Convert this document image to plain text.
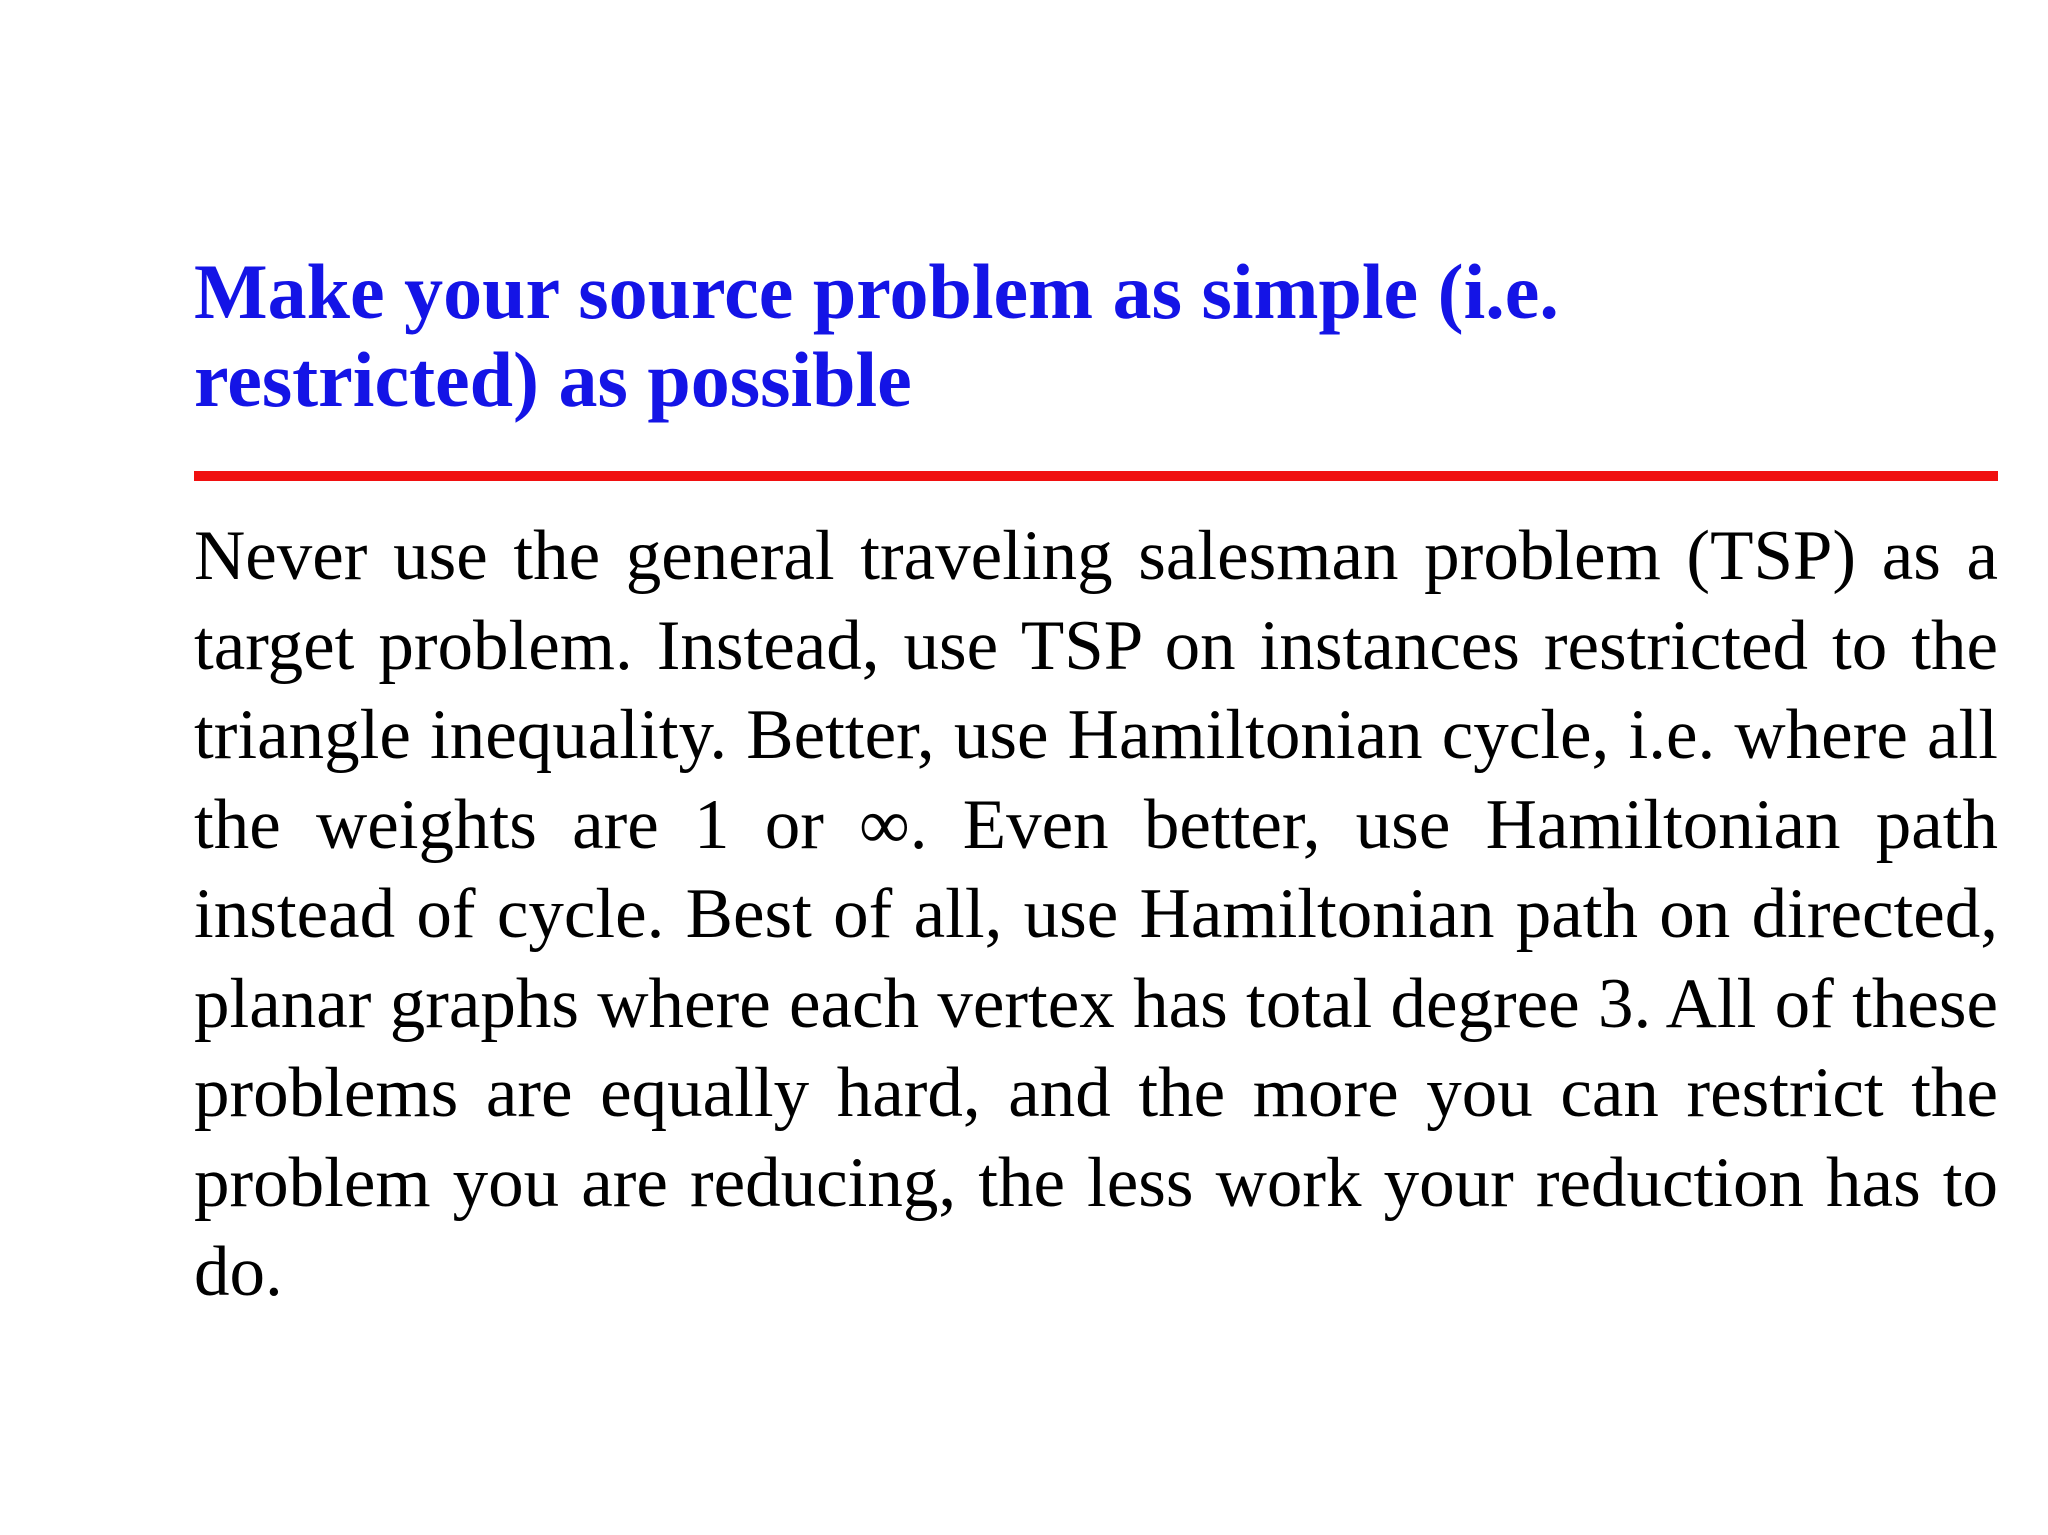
Make your source problem as simple (i.e.
restricted) as possible

Never use the general traveling salesman problem (TSP) as a target problem. Instead, use TSP on instances restricted to the triangle inequality. Better, use Hamiltonian cycle, i.e. where all the weights are 1 or ∞. Even better, use Hamiltonian path instead of cycle. Best of all, use Hamiltonian path on directed, planar graphs where each vertex has total degree 3. All of these problems are equally hard, and the more you can restrict the problem you are reducing, the less work your reduction has to do.
